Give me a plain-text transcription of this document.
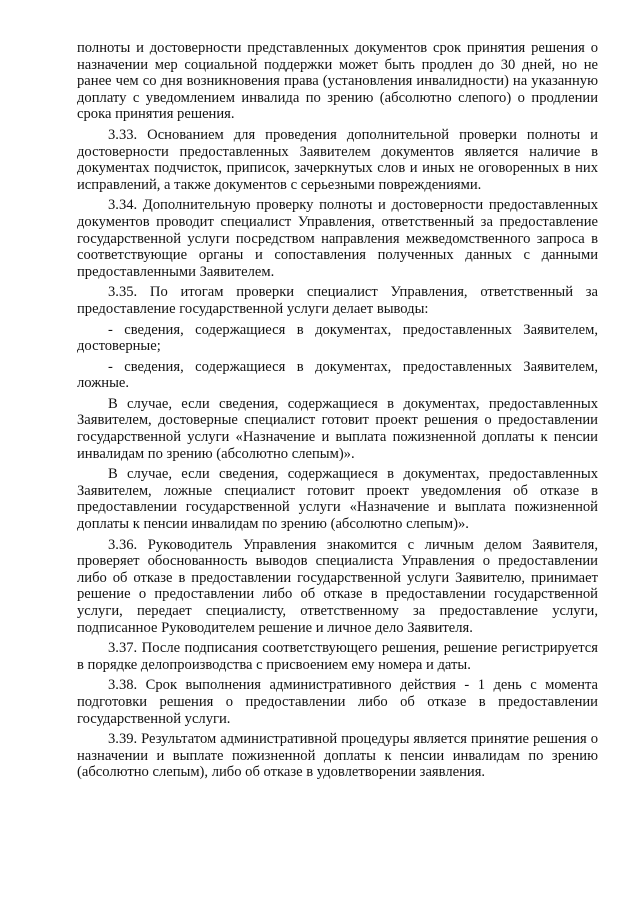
полноты и достоверности представленных документов срок принятия решения о назначении мер социальной поддержки может быть продлен до 30 дней, но не ранее чем со дня возникновения права (установления инвалидности) на указанную доплату с уведомлением инвалида по зрению (абсолютно слепого) о продлении срока принятия решения.

3.33. Основанием для проведения дополнительной проверки полноты и достоверности предоставленных Заявителем документов является наличие в документах подчисток, приписок, зачеркнутых слов и иных не оговоренных в них исправлений, а также документов с серьезными повреждениями.

3.34. Дополнительную проверку полноты и достоверности предоставленных документов проводит специалист Управления, ответственный за предоставление государственной услуги посредством направления межведомственного запроса в соответствующие органы и сопоставления полученных данных с данными предоставленными Заявителем.

3.35. По итогам проверки специалист Управления, ответственный за предоставление государственной услуги делает выводы:

- сведения, содержащиеся в документах, предоставленных Заявителем, достоверные;

- сведения, содержащиеся в документах, предоставленных Заявителем, ложные.

В случае, если сведения, содержащиеся в документах, предоставленных Заявителем, достоверные специалист готовит проект решения о предоставлении государственной услуги «Назначение и выплата пожизненной доплаты к пенсии инвалидам по зрению (абсолютно слепым)».

В случае, если сведения, содержащиеся в документах, предоставленных Заявителем, ложные специалист готовит проект уведомления об отказе в предоставлении государственной услуги «Назначение и выплата пожизненной доплаты к пенсии инвалидам по зрению (абсолютно слепым)».

3.36. Руководитель Управления знакомится с личным делом Заявителя, проверяет обоснованность выводов специалиста Управления о предоставлении либо об отказе в предоставлении государственной услуги Заявителю, принимает решение о предоставлении либо об отказе в предоставлении государственной услуги, передает специалисту, ответственному за предоставление услуги, подписанное Руководителем решение и личное дело Заявителя.

3.37. После подписания соответствующего решения, решение регистрируется в порядке делопроизводства с присвоением ему номера и даты.

3.38. Срок выполнения административного действия - 1 день с момента подготовки решения о предоставлении либо об отказе в предоставлении государственной услуги.

3.39. Результатом административной процедуры является принятие решения о назначении и выплате пожизненной доплаты к пенсии инвалидам по зрению (абсолютно слепым), либо об отказе в удовлетворении заявления.
